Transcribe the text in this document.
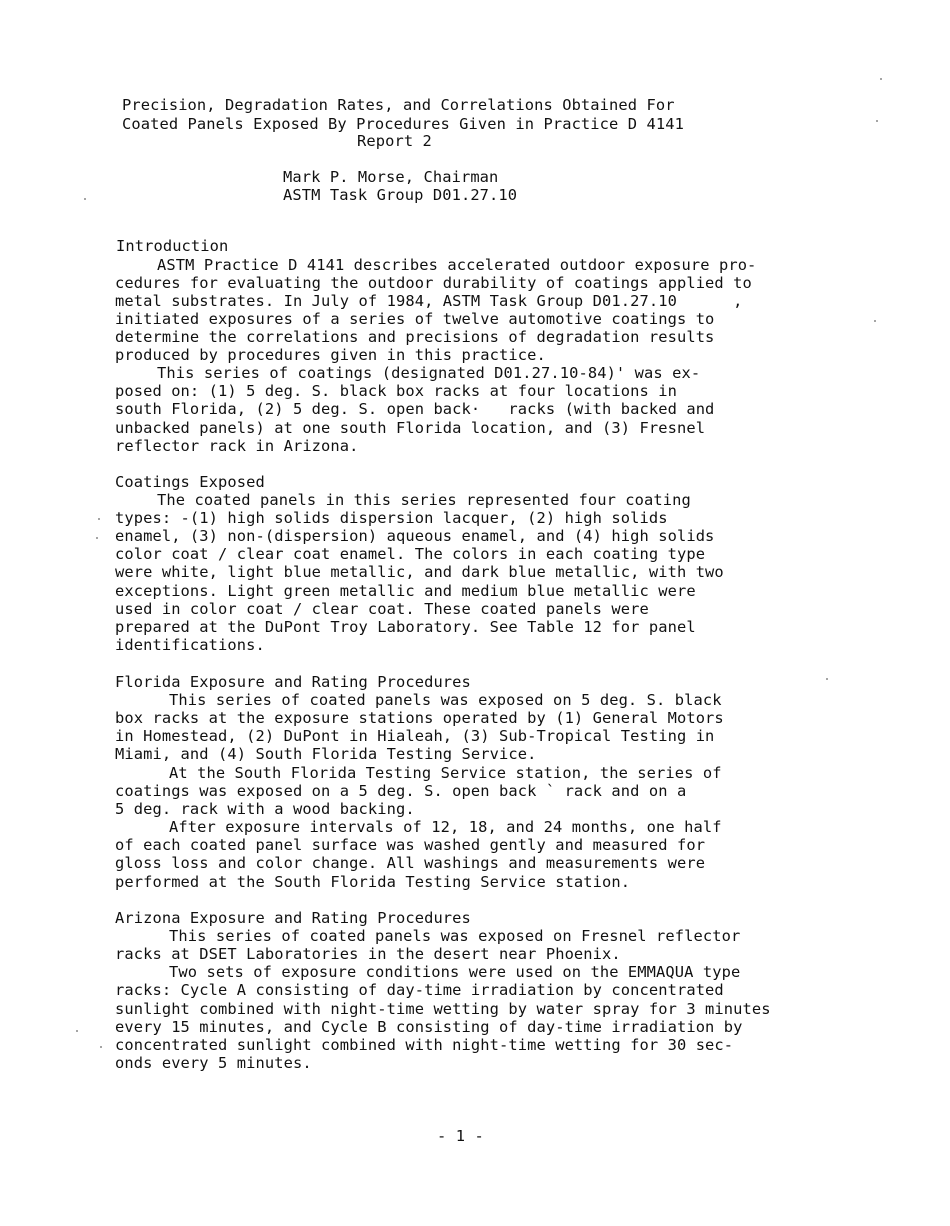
Precision, Degradation Rates, and Correlations Obtained For
Coated Panels Exposed By Procedures Given in Practice D 4141
Report 2
Mark P. Morse, Chairman
ASTM Task Group D01.27.10
Introduction
ASTM Practice D 4141 describes accelerated outdoor exposure pro-
cedures for evaluating the outdoor durability of coatings applied to
metal substrates. In July of 1984, ASTM Task Group D01.27.10      ,
initiated exposures of a series of twelve automotive coatings to
determine the correlations and precisions of degradation results
produced by procedures given in this practice.
This series of coatings (designated D01.27.10-84)' was ex-
posed on: (1) 5 deg. S. black box racks at four locations in
south Florida, (2) 5 deg. S. open back·   racks (with backed and
unbacked panels) at one south Florida location, and (3) Fresnel
reflector rack in Arizona.
Coatings Exposed
The coated panels in this series represented four coating
types: -(1) high solids dispersion lacquer, (2) high solids
enamel, (3) non-(dispersion) aqueous enamel, and (4) high solids
color coat / clear coat enamel. The colors in each coating type
were white, light blue metallic, and dark blue metallic, with two
exceptions. Light green metallic and medium blue metallic were
used in color coat / clear coat. These coated panels were
prepared at the DuPont Troy Laboratory. See Table 12 for panel
identifications.
Florida Exposure and Rating Procedures
This series of coated panels was exposed on 5 deg. S. black
box racks at the exposure stations operated by (1) General Motors
in Homestead, (2) DuPont in Hialeah, (3) Sub-Tropical Testing in
Miami, and (4) South Florida Testing Service.
At the South Florida Testing Service station, the series of
coatings was exposed on a 5 deg. S. open back ` rack and on a
5 deg. rack with a wood backing.
After exposure intervals of 12, 18, and 24 months, one half
of each coated panel surface was washed gently and measured for
gloss loss and color change. All washings and measurements were
performed at the South Florida Testing Service station.
Arizona Exposure and Rating Procedures
This series of coated panels was exposed on Fresnel reflector
racks at DSET Laboratories in the desert near Phoenix.
Two sets of exposure conditions were used on the EMMAQUA type
racks: Cycle A consisting of day-time irradiation by concentrated
sunlight combined with night-time wetting by water spray for 3 minutes
every 15 minutes, and Cycle B consisting of day-time irradiation by
concentrated sunlight combined with night-time wetting for 30 sec-
onds every 5 minutes.
- 1 -
